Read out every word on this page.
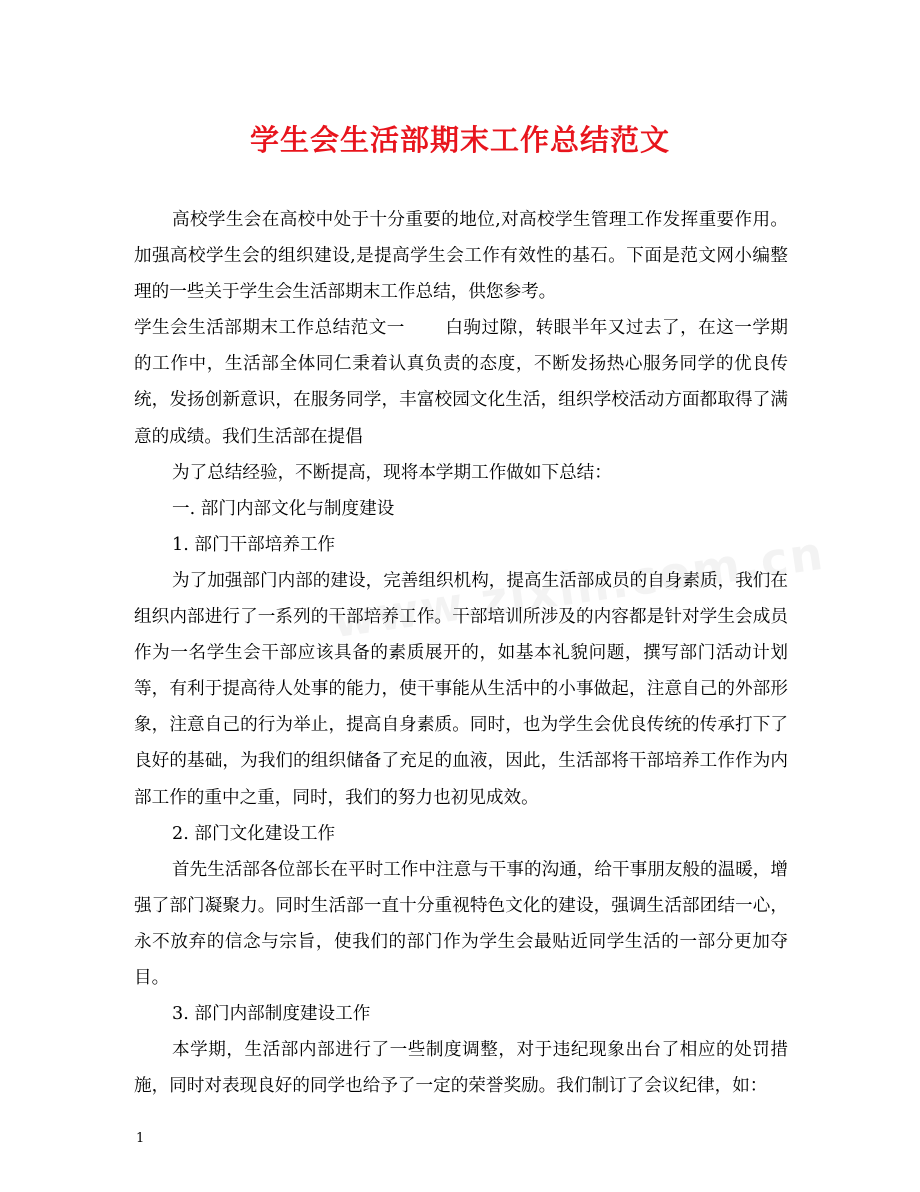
学生会生活部期末工作总结范文

高校学生会在高校中处于十分重要的地位,对高校学生管理工作发挥重要作用。加强高校学生会的组织建设,是提高学生会工作有效性的基石。下面是范文网小编整理的一些关于学生会生活部期末工作总结，供您参考。

学生会生活部期末工作总结范文一 白驹过隙，转眼半年又过去了，在这一学期的工作中，生活部全体同仁秉着认真负责的态度，不断发扬热心服务同学的优良传统，发扬创新意识，在服务同学，丰富校园文化生活，组织学校活动方面都取得了满意的成绩。我们生活部在提倡

为了总结经验，不断提高，现将本学期工作做如下总结：

一. 部门内部文化与制度建设

1. 部门干部培养工作

为了加强部门内部的建设，完善组织机构，提高生活部成员的自身素质，我们在组织内部进行了一系列的干部培养工作。干部培训所涉及的内容都是针对学生会成员作为一名学生会干部应该具备的素质展开的，如基本礼貌问题，撰写部门活动计划等，有利于提高待人处事的能力，使干事能从生活中的小事做起，注意自己的外部形象，注意自己的行为举止，提高自身素质。同时，也为学生会优良传统的传承打下了良好的基础，为我们的组织储备了充足的血液，因此，生活部将干部培养工作作为内部工作的重中之重，同时，我们的努力也初见成效。

2. 部门文化建设工作

首先生活部各位部长在平时工作中注意与干事的沟通，给干事朋友般的温暖，增强了部门凝聚力。同时生活部一直十分重视特色文化的建设，强调生活部团结一心，永不放弃的信念与宗旨，使我们的部门作为学生会最贴近同学生活的一部分更加夺目。

3. 部门内部制度建设工作

本学期，生活部内部进行了一些制度调整，对于违纪现象出台了相应的处罚措施，同时对表现良好的同学也给予了一定的荣誉奖励。我们制订了会议纪律，如：

1
